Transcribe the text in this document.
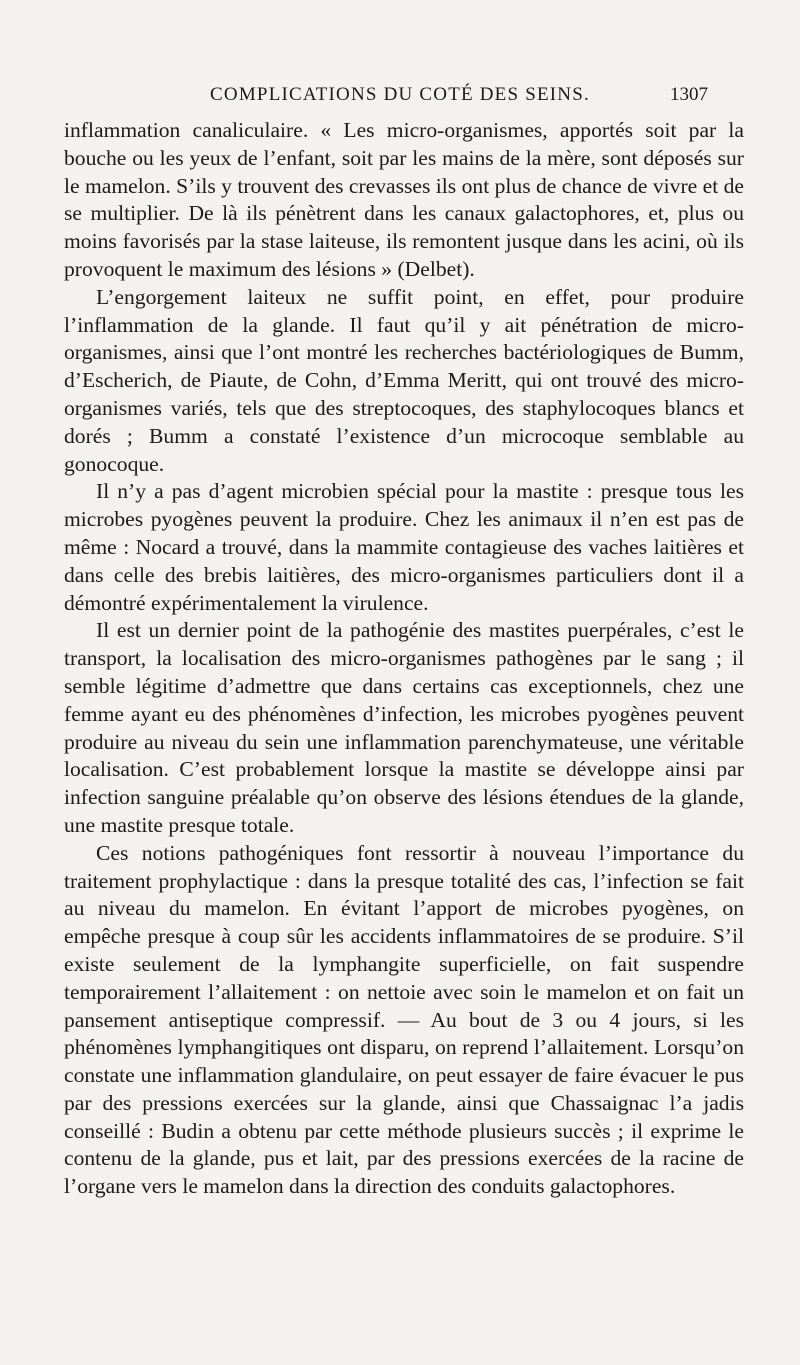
COMPLICATIONS DU COTÉ DES SEINS.	1307

inflammation canaliculaire. « Les micro-organismes, apportés soit par la bouche ou les yeux de l’enfant, soit par les mains de la mère, sont déposés sur le mamelon. S’ils y trouvent des crevasses ils ont plus de chance de vivre et de se multiplier. De là ils pénètrent dans les canaux galactophores, et, plus ou moins favorisés par la stase laiteuse, ils remontent jusque dans les acini, où ils provoquent le maximum des lésions » (Delbet).

L’engorgement laiteux ne suffit point, en effet, pour produire l’inflammation de la glande. Il faut qu’il y ait pénétration de micro-organismes, ainsi que l’ont montré les recherches bactériologiques de Bumm, d’Escherich, de Piaute, de Cohn, d’Emma Meritt, qui ont trouvé des micro-organismes variés, tels que des streptocoques, des staphylocoques blancs et dorés ; Bumm a constaté l’existence d’un microcoque semblable au gonocoque.

Il n’y a pas d’agent microbien spécial pour la mastite : presque tous les microbes pyogènes peuvent la produire. Chez les animaux il n’en est pas de même : Nocard a trouvé, dans la mammite contagieuse des vaches laitières et dans celle des brebis laitières, des micro-organismes particuliers dont il a démontré expérimentalement la virulence.

Il est un dernier point de la pathogénie des mastites puerpérales, c’est le transport, la localisation des micro-organismes pathogènes par le sang ; il semble légitime d’admettre que dans certains cas exceptionnels, chez une femme ayant eu des phénomènes d’infection, les microbes pyogènes peuvent produire au niveau du sein une inflammation parenchymateuse, une véritable localisation. C’est probablement lorsque la mastite se développe ainsi par infection sanguine préalable qu’on observe des lésions étendues de la glande, une mastite presque totale.

Ces notions pathogéniques font ressortir à nouveau l’importance du traitement prophylactique : dans la presque totalité des cas, l’infection se fait au niveau du mamelon. En évitant l’apport de microbes pyogènes, on empêche presque à coup sûr les accidents inflammatoires de se produire. S’il existe seulement de la lymphangite superficielle, on fait suspendre temporairement l’allaitement : on nettoie avec soin le mamelon et on fait un pansement antiseptique compressif. — Au bout de 3 ou 4 jours, si les phénomènes lymphangitiques ont disparu, on reprend l’allaitement. Lorsqu’on constate une inflammation glandulaire, on peut essayer de faire évacuer le pus par des pressions exercées sur la glande, ainsi que Chassaignac l’a jadis conseillé : Budin a obtenu par cette méthode plusieurs succès ; il exprime le contenu de la glande, pus et lait, par des pressions exercées de la racine de l’organe vers le mamelon dans la direction des conduits galactophores.
